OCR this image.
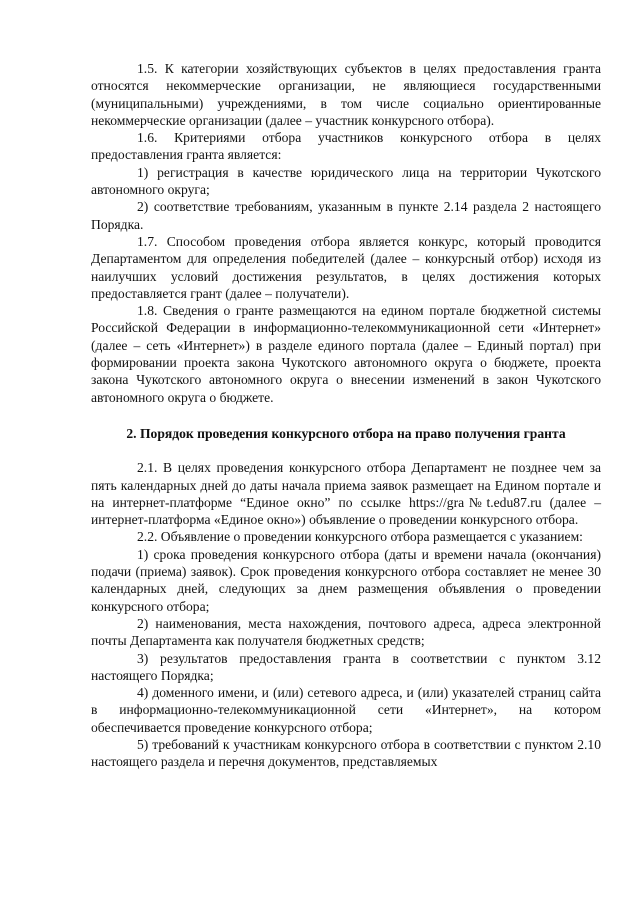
1.5. К категории хозяйствующих субъектов в целях предоставления гранта относятся некоммерческие организации, не являющиеся государственными (муниципальными) учреждениями, в том числе социально ориентированные некоммерческие организации (далее – участник конкурсного отбора).

1.6. Критериями отбора участников конкурсного отбора в целях предоставления гранта является:

1) регистрация в качестве юридического лица на территории Чукотского автономного округа;

2) соответствие требованиям, указанным в пункте 2.14 раздела 2 настоящего Порядка.

1.7. Способом проведения отбора является конкурс, который проводится Департаментом для определения победителей (далее – конкурсный отбор) исходя из наилучших условий достижения результатов, в целях достижения которых предоставляется грант (далее – получатели).

1.8. Сведения о гранте размещаются на едином портале бюджетной системы Российской Федерации в информационно-телекоммуникационной сети «Интернет» (далее – сеть «Интернет») в разделе единого портала (далее – Единый портал) при формировании проекта закона Чукотского автономного округа о бюджете, проекта закона Чукотского автономного округа о внесении изменений в закон Чукотского автономного округа о бюджете.

2. Порядок проведения конкурсного отбора на право получения гранта

2.1. В целях проведения конкурсного отбора Департамент не позднее чем за пять календарных дней до даты начала приема заявок размещает на Едином портале и на интернет-платформе “Единое окно” по ссылке https://gra№t.edu87.ru (далее – интернет-платформа «Единое окно») объявление о проведении конкурсного отбора.

2.2. Объявление о проведении конкурсного отбора размещается с указанием:

1) срока проведения конкурсного отбора (даты и времени начала (окончания) подачи (приема) заявок). Срок проведения конкурсного отбора составляет не менее 30 календарных дней, следующих за днем размещения объявления о проведении конкурсного отбора;

2) наименования, места нахождения, почтового адреса, адреса электронной почты Департамента как получателя бюджетных средств;

3) результатов предоставления гранта в соответствии с пунктом 3.12 настоящего Порядка;

4) доменного имени, и (или) сетевого адреса, и (или) указателей страниц сайта в информационно-телекоммуникационной сети «Интернет», на котором обеспечивается проведение конкурсного отбора;

5) требований к участникам конкурсного отбора в соответствии с пунктом 2.10 настоящего раздела и перечня документов, представляемых
